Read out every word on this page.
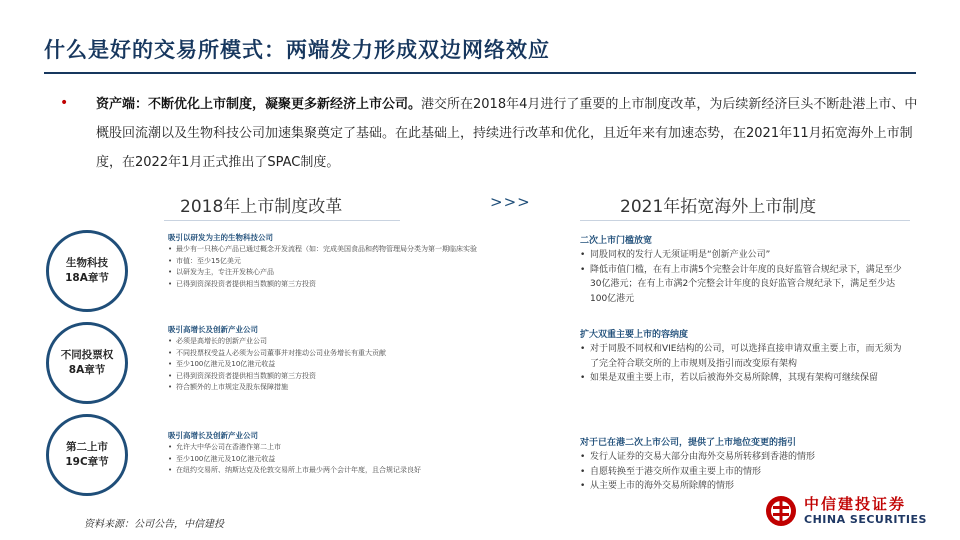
什么是好的交易所模式：两端发力形成双边网络效应
• 资产端：不断优化上市制度，凝聚更多新经济上市公司。港交所在2018年4月进行了重要的上市制度改革，为后续新经济巨头不断赴港上市、中概股回流潮以及生物科技公司加速集聚奠定了基础。在此基础上，持续进行改革和优化，且近年来有加速态势，在2021年11月拓宽海外上市制度，在2022年1月正式推出了SPAC制度。
2018年上市制度改革	>>>	2021年拓宽海外上市制度
生物科技
18A章节
不同投票权
8A章节
第二上市
19C章节
吸引以研发为主的生物科技公司
• 最少有一只核心产品已通过概念开发流程（如：完成美国食品和药物管理局分类为第一期临床实验
• 市值：至少15亿美元
• 以研发为主，专注开发核心产品
• 已得到资深投资者提供相当数额的第三方投资
吸引高增长及创新产业公司
• 必须是高增长的创新产业公司
• 不同投票权受益人必须为公司董事并对推动公司业务增长有重大贡献
• 至少100亿港元及10亿港元收益
• 已得到资深投资者提供相当数额的第三方投资
• 符合额外的上市规定及股东保障措施
吸引高增长及创新产业公司
• 允许大中华公司在香港作第二上市
• 至少100亿港元及10亿港元收益
• 在纽约交易所、纳斯达克及伦敦交易所上市最少两个会计年度，且合规记录良好
二次上市门槛放宽
• 同股同权的发行人无须证明是“创新产业公司”
• 降低市值门槛，在有上市满5个完整会计年度的良好监管合规纪录下，满足至少30亿港元；在有上市满2个完整会计年度的良好监管合规纪录下，满足至少达100亿港元
扩大双重主要上市的容纳度
• 对于同股不同权和VIE结构的公司，可以选择直接申请双重主要上市，而无须为了完全符合联交所的上市规则及指引而改变原有架构
• 如果是双重主要上市，若以后被海外交易所除牌，其现有架构可继续保留
对于已在港二次上市公司，提供了上市地位变更的指引
• 发行人证券的交易大部分由海外交易所转移到香港的情形
• 自愿转换至于港交所作双重主要上市的情形
• 从主要上市的海外交易所除牌的情形
资料来源：公司公告，中信建投
中信建投证券
CHINA SECURITIES
